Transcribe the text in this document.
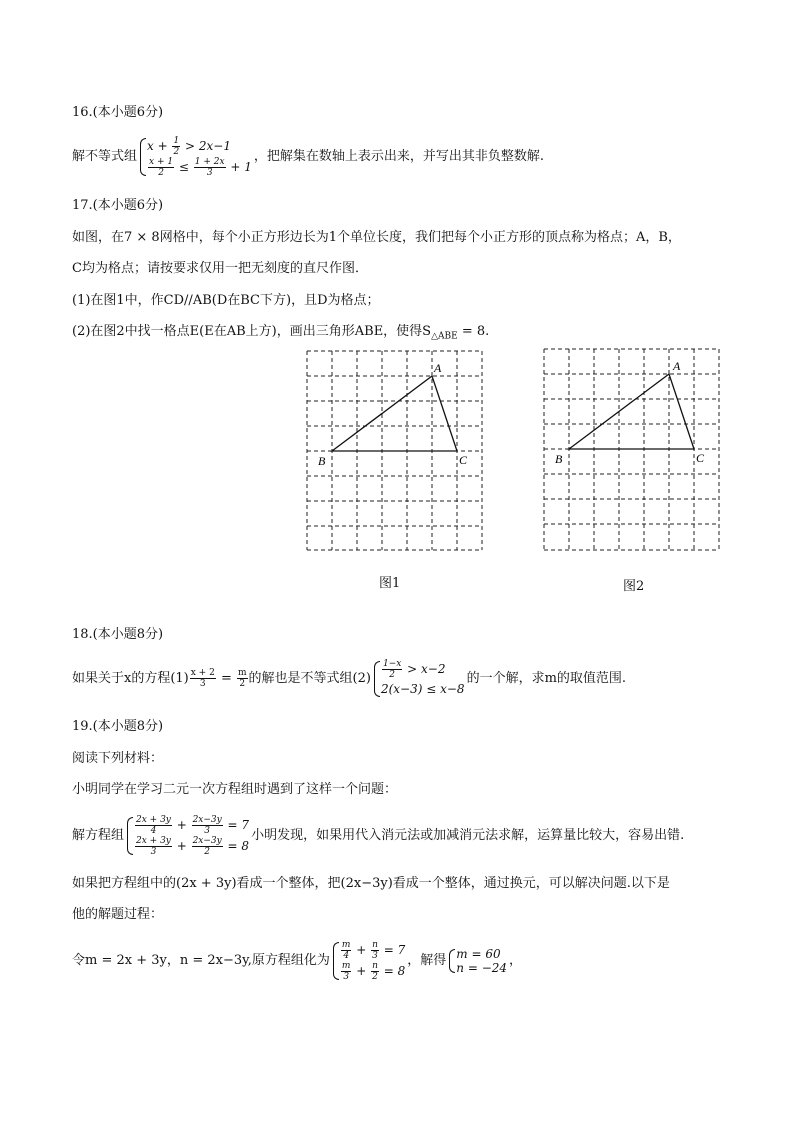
16.(本小题6分)
解不等式组
$x + \frac{1}{2} > 2x-1$
$\frac{x + 1}{2} \le \frac{1 + 2x}{3} + 1$
，把解集在数轴上表示出来，并写出其非负整数解.
17.(本小题6分)
如图，在7 × 8网格中，每个小正方形边长为1个单位长度，我们把每个小正方形的顶点称为格点；A，B，
C均为格点；请按要求仅用一把无刻度的直尺作图．
(1)在图1中，作CD//AB(D在BC下方)，且D为格点；
(2)在图2中找一格点E(E在AB上方)，画出三角形ABE，使得$S_{\triangle ABE} = 8$.
A
B	C
图1
A
B	C
图2
18.(本小题8分)
如果关于x的方程$(1) \frac{x + 2}{3} = \frac{m}{2}$ 的解也是不等式组$(2) \frac{1-x}{2} > x-2$
2(x−3) ≤ x−8
的一个解，求m的取值范围.
19.(本小题8分)
阅读下列材料：
小明同学在学习二元一次方程组时遇到了这样一个问题：
解方程组 $\frac{2x + 3y}{4} + \frac{2x-3y}{3} = 7$
$\frac{2x + 3y}{3} + \frac{2x-3y}{2} = 8$
小明发现，如果用代入消元法或加减消元法求解，运算量比较大，容易出错.
如果把方程组中的(2x + 3y)看成一个整体，把(2x−3y)看成一个整体，通过换元，可以解决问题.以下是
他的解题过程：
令m = 2x + 3y，n = 2x−3y,原方程组化为 $\frac{m}{4} + \frac{n}{3} = 7$
$\frac{m}{3} + \frac{n}{2} = 8$
，解得 m = 60
n = −24 ，
